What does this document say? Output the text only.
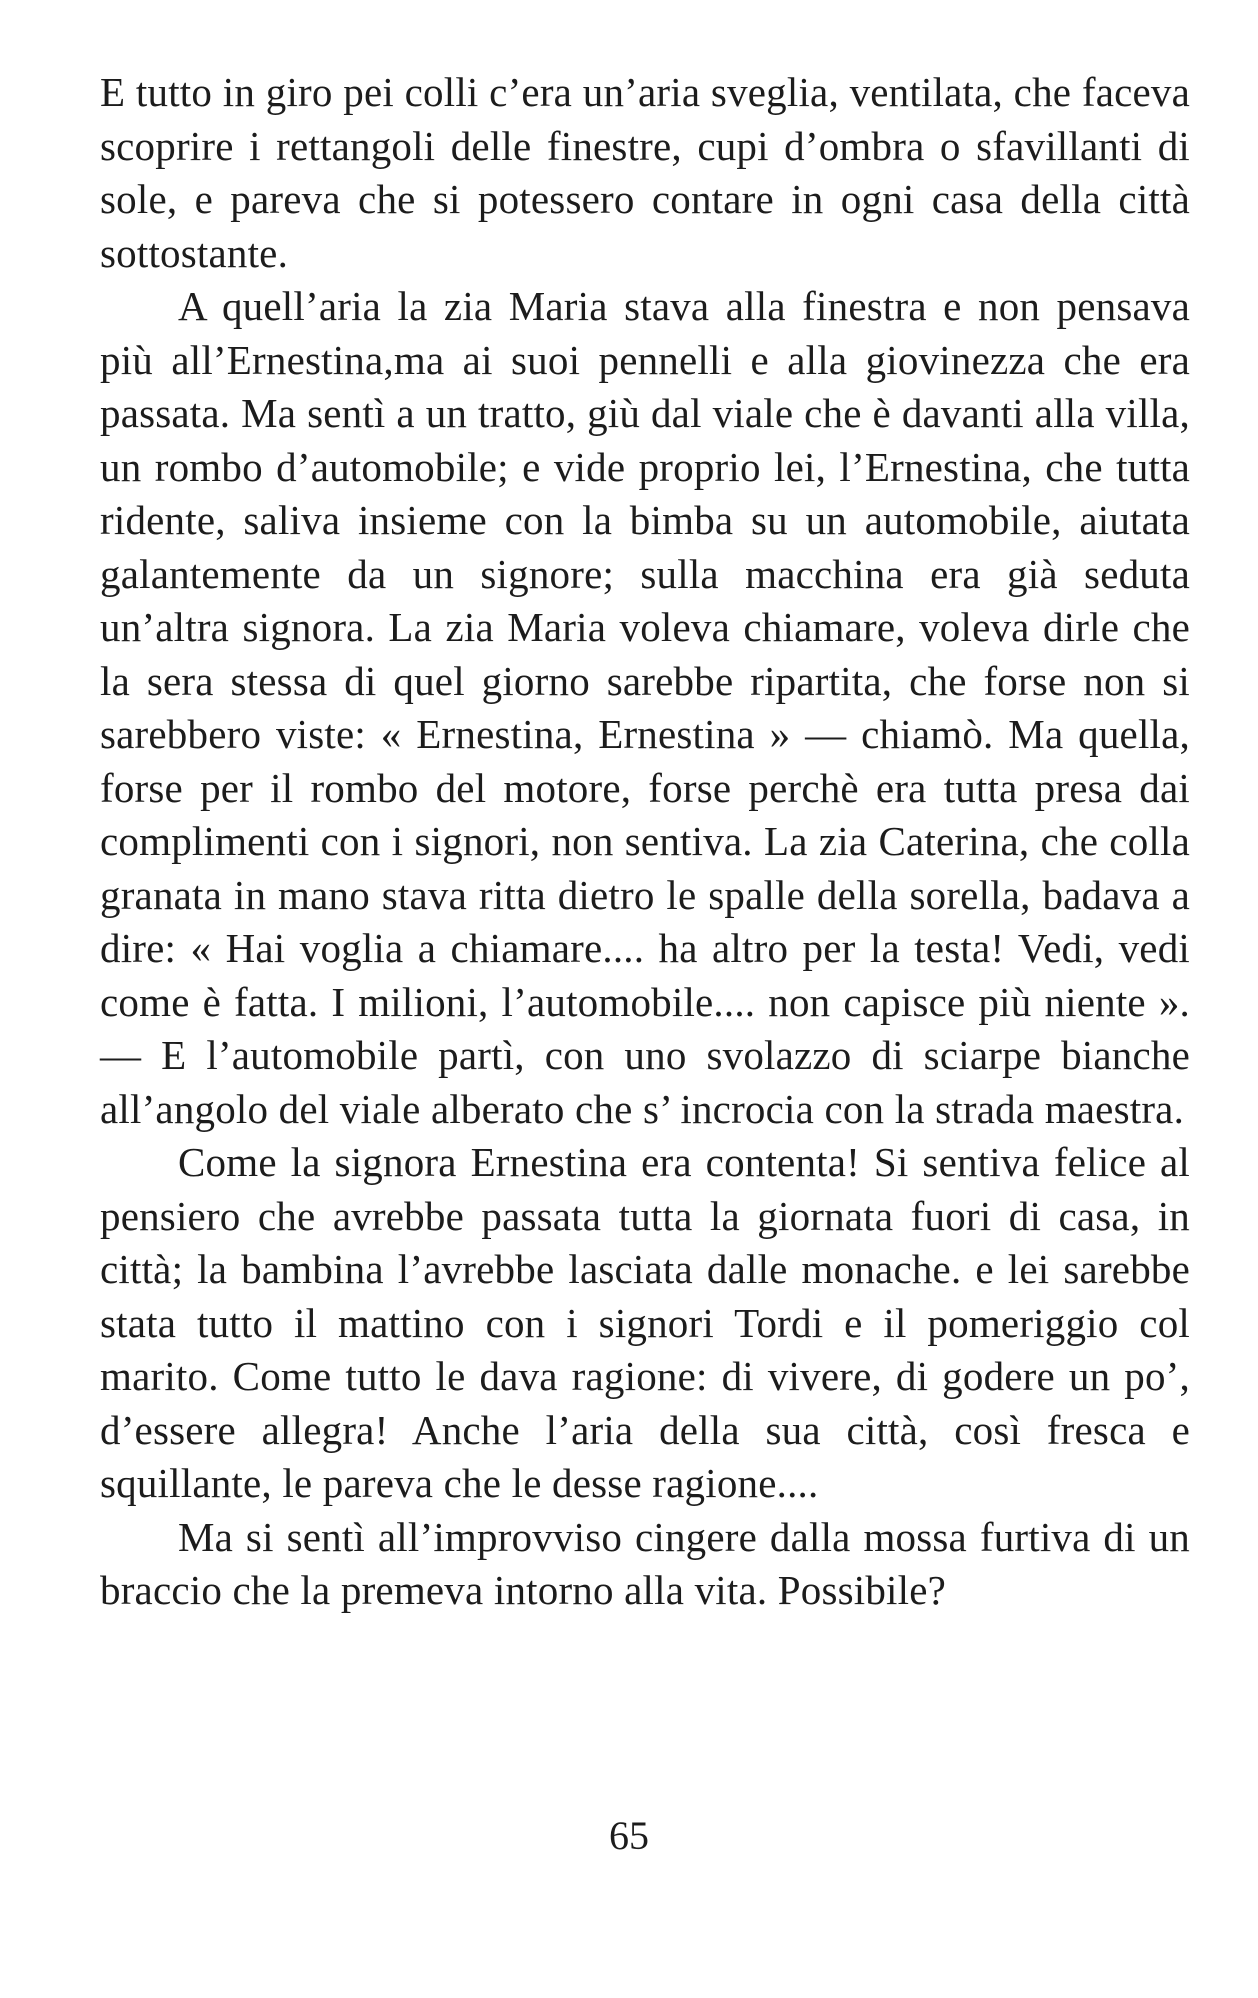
E tutto in giro pei colli c’era un’aria sveglia, ventilata, che faceva scoprire i rettangoli delle finestre, cupi d’ombra o sfavillanti di sole, e pareva che si potessero contare in ogni casa della città sottostante.

A quell’aria la zia Maria stava alla finestra e non pensava più all’Ernestina,ma ai suoi pennelli e alla giovinezza che era passata. Ma sentì a un tratto, giù dal viale che è davanti alla villa, un rombo d’automobile; e vide proprio lei, l’Ernestina, che tutta ridente, saliva insieme con la bimba su un automobile, aiutata galantemente da un signore; sulla macchina era già seduta un’altra signora. La zia Maria voleva chiamare, voleva dirle che la sera stessa di quel giorno sarebbe ripartita, che forse non si sarebbero viste: « Ernestina, Ernestina » — chiamò. Ma quella, forse per il rombo del motore, forse perchè era tutta presa dai complimenti con i signori, non sentiva. La zia Caterina, che colla granata in mano stava ritta dietro le spalle della sorella, badava a dire: « Hai voglia a chiamare.... ha altro per la testa! Vedi, vedi come è fatta. I milioni, l’automobile.... non capisce più niente ». — E l’automobile partì, con uno svolazzo di sciarpe bianche all’angolo del viale alberato che s’ incrocia con la strada maestra.

Come la signora Ernestina era contenta! Si sentiva felice al pensiero che avrebbe passata tutta la giornata fuori di casa, in città; la bambina l’avrebbe lasciata dalle monache. e lei sarebbe stata tutto il mattino con i signori Tordi e il pomeriggio col marito. Come tutto le dava ragione: di vivere, di godere un po’, d’essere allegra! Anche l’aria della sua città, così fresca e squillante, le pareva che le desse ragione....

Ma si sentì all’improvviso cingere dalla mossa furtiva di un braccio che la premeva intorno alla vita. Possibile?

65
